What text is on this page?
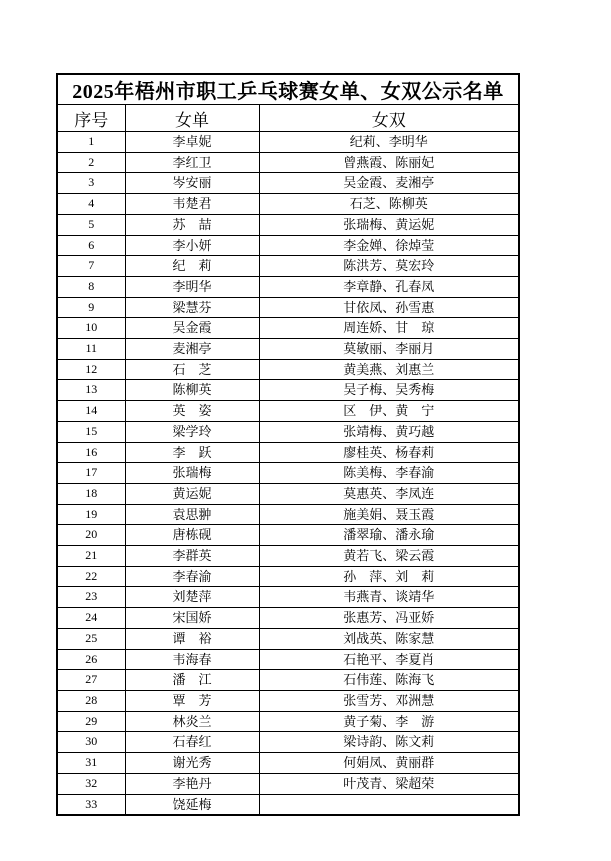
2025年梧州市职工乒乓球赛女单、女双公示名单		
序号	女单	女双
1	李卓妮	纪莉、李明华
2	李红卫	曾燕霞、陈丽妃
3	岑安丽	吴金霞、麦湘亭
4	韦楚君	石芝、陈柳英
5	苏　喆	张瑞梅、黄运妮
6	李小妍	李金婵、徐焯莹
7	纪　莉	陈洪芳、莫宏玲
8	李明华	李章静、孔春凤
9	梁慧芬	甘依凤、孙雪惠
10	吴金霞	周连娇、甘　琼
11	麦湘亭	莫敏丽、李丽月
12	石　芝	黄美燕、刘惠兰
13	陈柳英	吴子梅、吴秀梅
14	英　姿	区　伊、黄　宁
15	梁学玲	张靖梅、黄巧越
16	李　跃	廖桂英、杨春莉
17	张瑞梅	陈美梅、李春渝
18	黄运妮	莫惠英、李凤连
19	袁思翀	施美娟、聂玉霞
20	唐栋砚	潘翠瑜、潘永瑜
21	李群英	黄若飞、梁云霞
22	李春渝	孙　萍、刘　莉
23	刘楚萍	韦燕青、谈靖华
24	宋国娇	张惠芳、冯亚娇
25	谭　裕	刘战英、陈家慧
26	韦海春	石艳平、李夏肖
27	潘　江	石伟莲、陈海飞
28	覃　芳	张雪芳、邓洲慧
29	林炎兰	黄子菊、李　游
30	石春红	梁诗韵、陈文莉
31	谢光秀	何娟凤、黄丽群
32	李艳丹	叶茂青、梁超荣
33	饶延梅	
